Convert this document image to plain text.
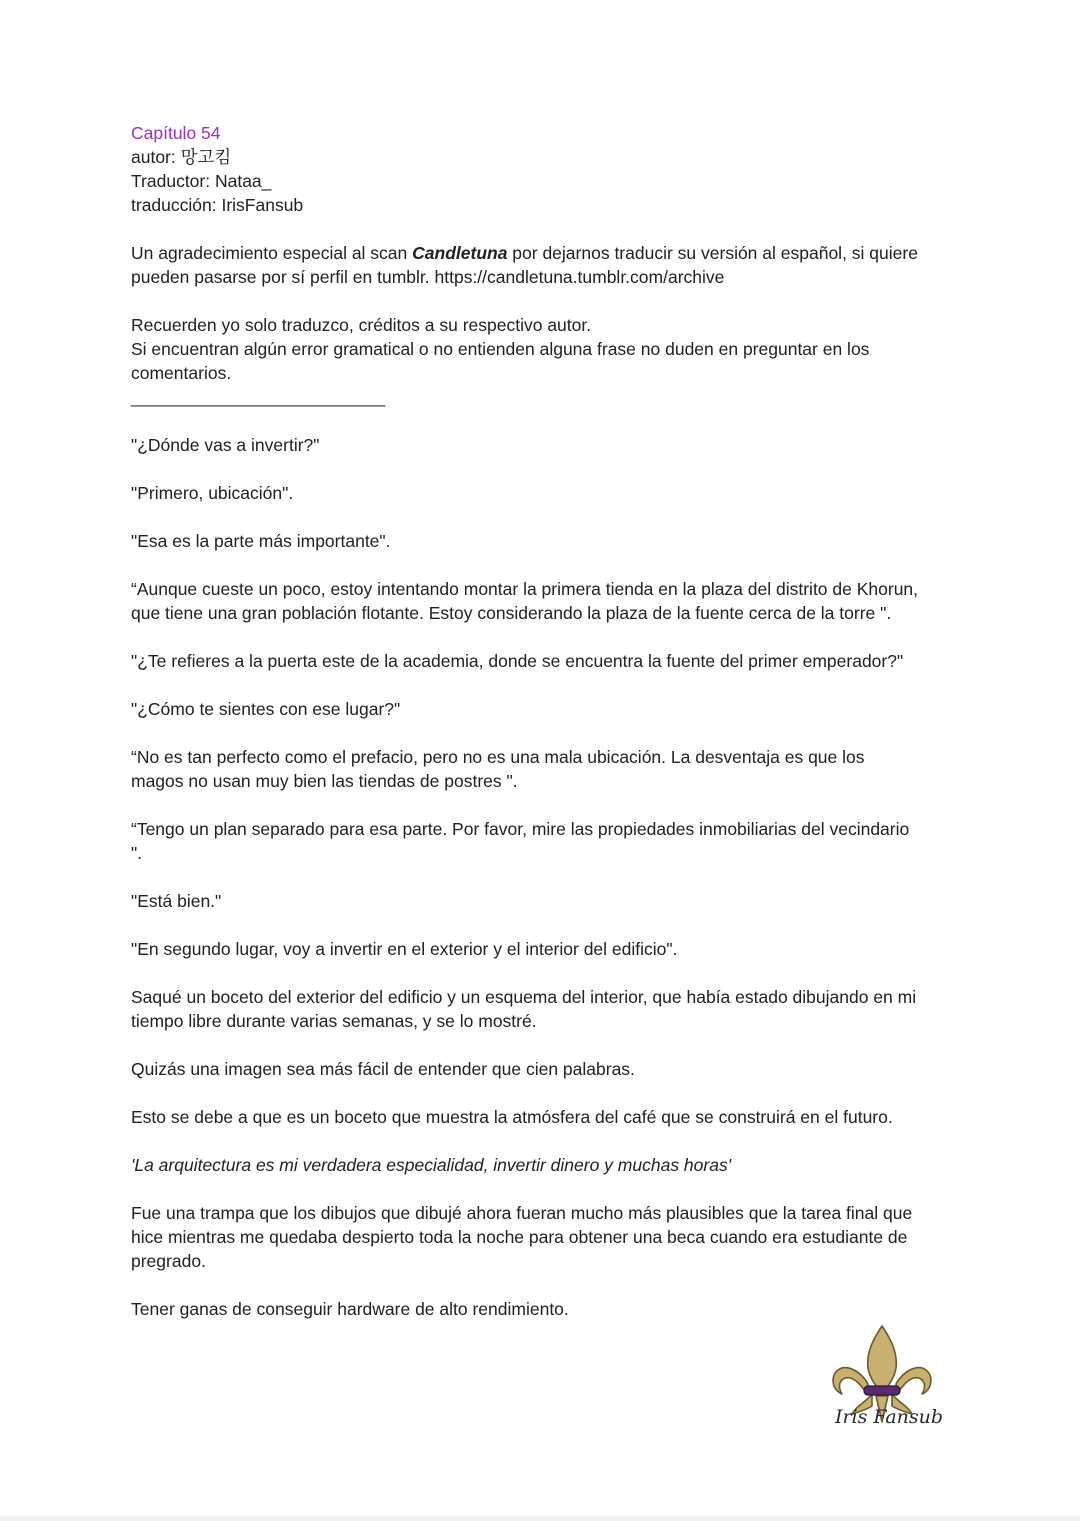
Capítulo 54
autor: 망고킴
Traductor: Nataa_
traducción: IrisFansub
Un agradecimiento especial al scan Candletuna por dejarnos traducir su versión al español, si quiere
pueden pasarse por sí perfil en tumblr. https://candletuna.tumblr.com/archive
Recuerden yo solo traduzco, créditos a su respectivo autor.
Si encuentran algún error gramatical o no entienden alguna frase no duden en preguntar en los
comentarios.
_____________________________
"¿Dónde vas a invertir?"
"Primero, ubicación".
"Esa es la parte más importante".
“Aunque cueste un poco, estoy intentando montar la primera tienda en la plaza del distrito de Khorun,
que tiene una gran población flotante. Estoy considerando la plaza de la fuente cerca de la torre ".
"¿Te refieres a la puerta este de la academia, donde se encuentra la fuente del primer emperador?"
"¿Cómo te sientes con ese lugar?"
“No es tan perfecto como el prefacio, pero no es una mala ubicación. La desventaja es que los
magos no usan muy bien las tiendas de postres ".
“Tengo un plan separado para esa parte. Por favor, mire las propiedades inmobiliarias del vecindario
".
"Está bien."
"En segundo lugar, voy a invertir en el exterior y el interior del edificio".
Saqué un boceto del exterior del edificio y un esquema del interior, que había estado dibujando en mi
tiempo libre durante varias semanas, y se lo mostré.
Quizás una imagen sea más fácil de entender que cien palabras.
Esto se debe a que es un boceto que muestra la atmósfera del café que se construirá en el futuro.
'La arquitectura es mi verdadera especialidad, invertir dinero y muchas horas'
Fue una trampa que los dibujos que dibujé ahora fueran mucho más plausibles que la tarea final que
hice mientras me quedaba despierto toda la noche para obtener una beca cuando era estudiante de
pregrado.
Tener ganas de conseguir hardware de alto rendimiento.
Iris Fansub
